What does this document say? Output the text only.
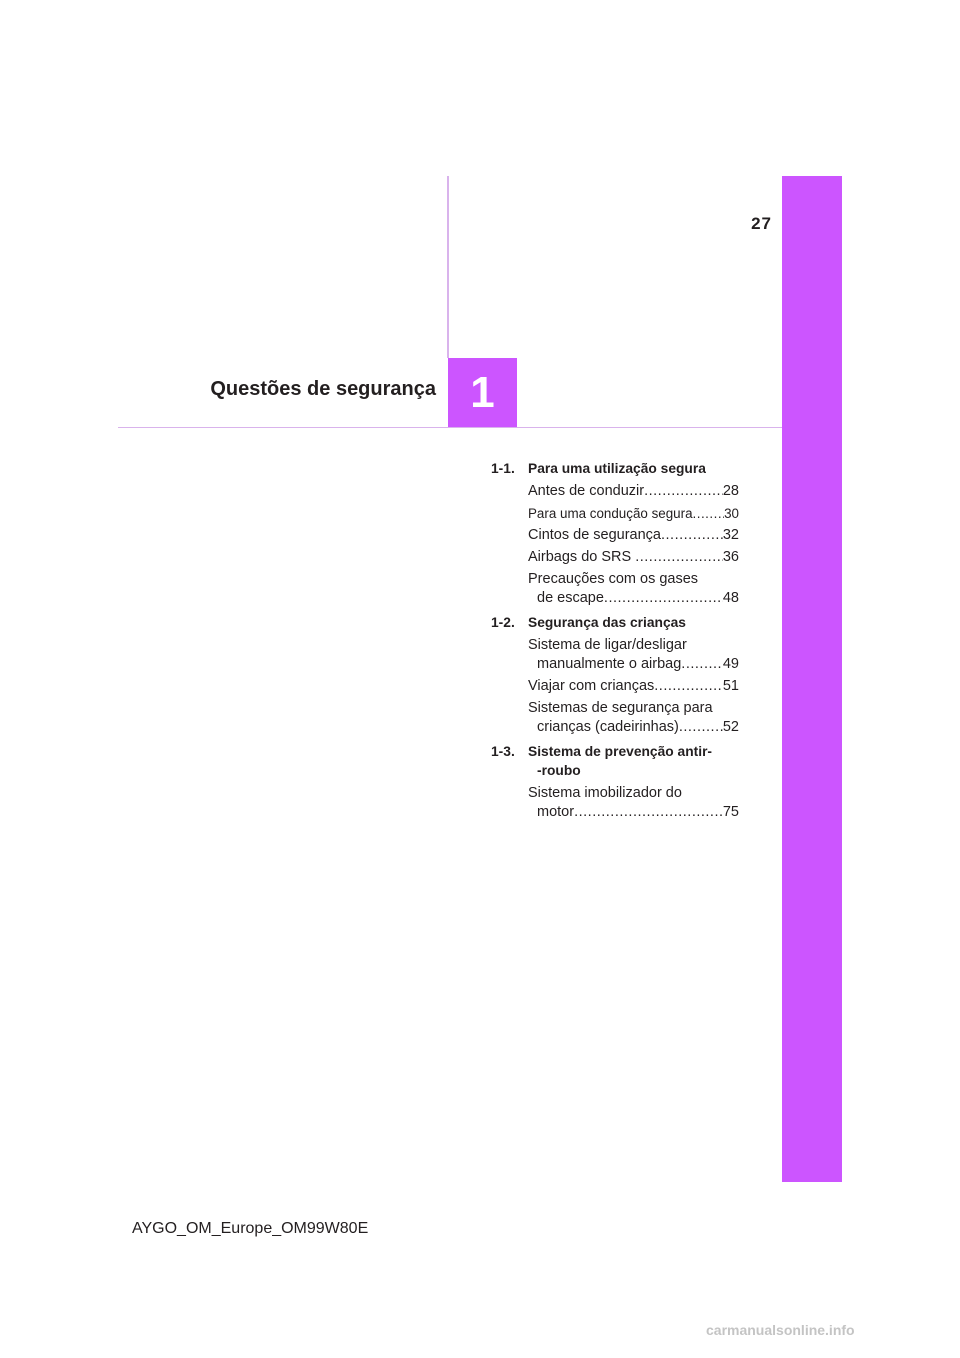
27
1
Questões de segurança
1-1. Para uma utilização segura
Antes de conduzir .....	28
Para uma condução segura ..... 30
Cintos de segurança .....	32
Airbags do SRS .....	36
Precauções com os gases
de escape .....	48
1-2. Segurança das crianças
Sistema de ligar/desligar
manualmente o airbag .....	49
Viajar com crianças .....	51
Sistemas de segurança para
crianças (cadeirinhas) .....	52
1-3. Sistema de prevenção antir-
-roubo
Sistema imobilizador do
motor .....	75
AYGO_OM_Europe_OM99W80E
carmanualsonline.info
